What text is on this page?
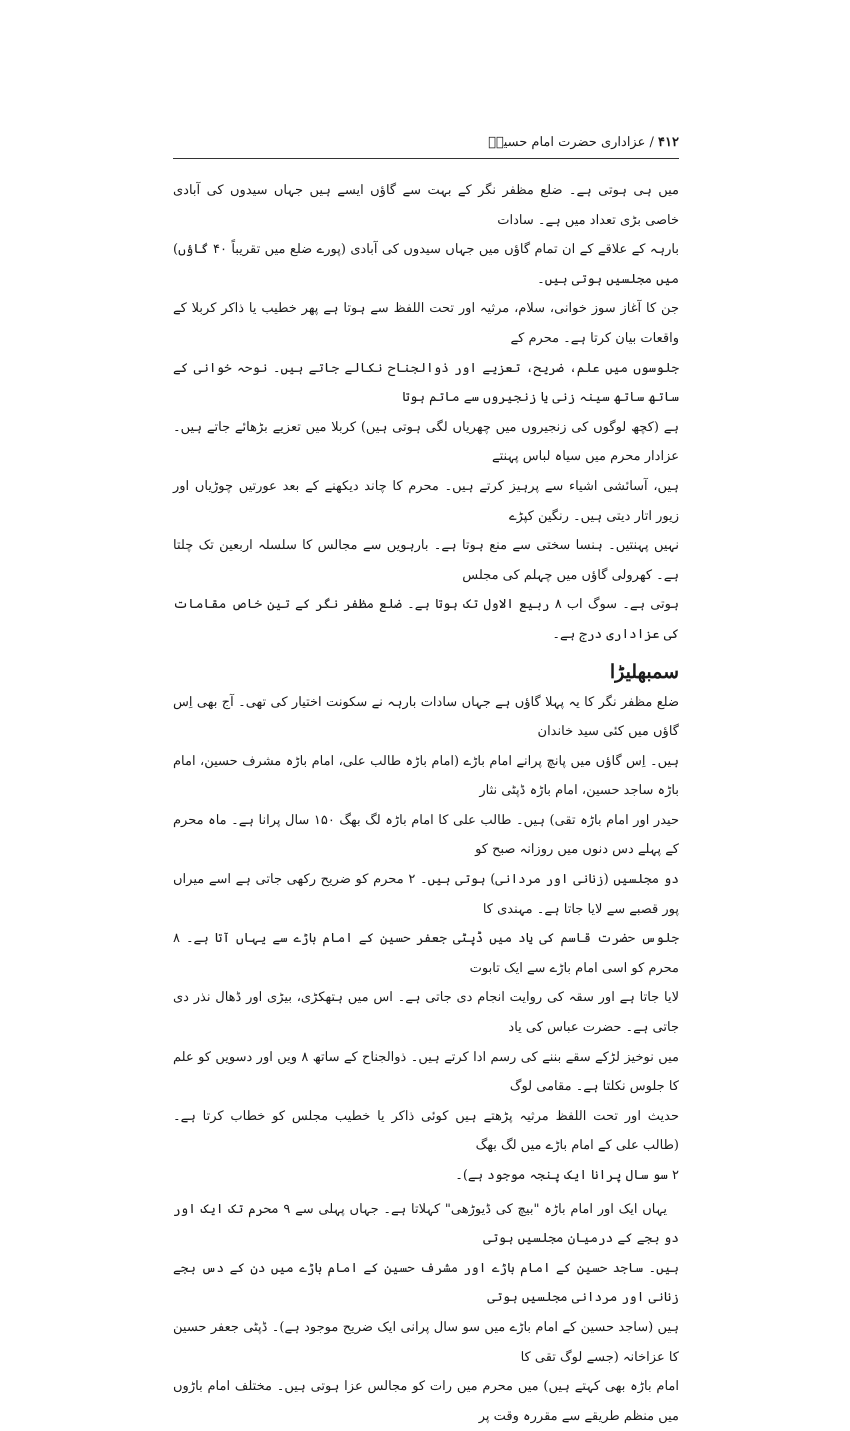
۴۱۲ / عزاداری حضرت امام حسینؑ

میں ہی ہوتی ہے۔ ضلع مظفر نگر کے بہت سے گاؤں ایسے ہیں جہاں سیدوں کی آبادی خاصی بڑی تعداد میں ہے۔ سادات

بارہہ کے علاقے کے ان تمام گاؤں میں جہاں سیدوں کی آبادی (پورے ضلع میں تقریباً ۴۰ گاؤں) میں مجلسیں ہوتی ہیں۔

جن کا آغاز سوز خوانی، سلام، مرثیہ اور تحت اللفظ سے ہوتا ہے پھر خطیب یا ذاکر کربلا کے واقعات بیان کرتا ہے۔ محرم کے

جلوسوں میں علم، ضریح، تعزیے اور ذوالجناح نکالے جاتے ہیں۔ نوحہ خوانی کے ساتھ ساتھ سینہ زنی یا زنجیروں سے ماتم ہوتا

ہے (کچھ لوگوں کی زنجیروں میں چھریاں لگی ہوتی ہیں) کربلا میں تعزیے بڑھائے جاتے ہیں۔ عزادار محرم میں سیاہ لباس پہنتے

ہیں، آسائشی اشیاء سے پرہیز کرتے ہیں۔ محرم کا چاند دیکھنے کے بعد عورتیں چوڑیاں اور زیور اتار دیتی ہیں۔ رنگین کپڑے

نہیں پہنتیں۔ ہنسا سختی سے منع ہوتا ہے۔ بارہویں سے مجالس کا سلسلہ اربعین تک چلتا ہے۔ کھرولی گاؤں میں چہلم کی مجلس

ہوتی ہے۔ سوگ اب ۸ ربیع الاول تک ہوتا ہے۔ ضلع مظفر نگر کے تین خاص مقامات کی عزاداری درج ہے۔

سمبھلیڑا

ضلع مظفر نگر کا یہ پہلا گاؤں ہے جہاں سادات بارہہ نے سکونت اختیار کی تھی۔ آج بھی اِس گاؤں میں کئی سید خاندان

ہیں۔ اِس گاؤں میں پانچ پرانے امام باڑے (امام باڑہ طالب علی، امام باڑہ مشرف حسین، امام باڑہ ساجد حسین، امام باڑہ ڈپٹی نثار

حیدر اور امام باڑہ تقی) ہیں۔ طالب علی کا امام باڑہ لگ بھگ ۱۵۰ سال پرانا ہے۔ ماہ محرم کے پہلے دس دنوں میں روزانہ صبح کو

دو مجلسیں (زنانی اور مردانی) ہوتی ہیں۔ ۲ محرم کو ضریح رکھی جاتی ہے اسے میراں پور قصبے سے لایا جاتا ہے۔ مہندی کا

جلوس حضرت قاسم کی یاد میں ڈپٹی جعفر حسین کے امام باڑے سے یہاں آتا ہے۔ ۸ محرم کو اسی امام باڑے سے ایک تابوت

لایا جاتا ہے اور سقہ کی روایت انجام دی جاتی ہے۔ اس میں ہتھکڑی، بیڑی اور ڈھال نذر دی جاتی ہے۔ حضرت عباس کی یاد

میں نوخیز لڑکے سقے بننے کی رسم ادا کرتے ہیں۔ ذوالجناح کے ساتھ ۸ ویں اور دسویں کو علم کا جلوس نکلتا ہے۔ مقامی لوگ

حدیث اور تحت اللفظ مرثیہ پڑھتے ہیں کوئی ذاکر یا خطیب مجلس کو خطاب کرتا ہے۔ (طالب علی کے امام باڑے میں لگ بھگ

۲ سو سال پرانا ایک پنجہ موجود ہے)۔

یہاں ایک اور امام باڑہ "بیچ کی ڈیوڑھی" کہلاتا ہے۔ جہاں پہلی سے ۹ محرم تک ایک اور دو بجے کے درمیان مجلسیں ہوتی

ہیں۔ ساجد حسین کے امام باڑے اور مشرف حسین کے امام باڑے میں دن کے دس بجے زنانی اور مردانی مجلسیں ہوتی

ہیں (ساجد حسین کے امام باڑے میں سو سال پرانی ایک ضریح موجود ہے)۔ ڈپٹی جعفر حسین کا عزاخانہ (جسے لوگ تقی کا

امام باڑہ بھی کہتے ہیں) میں محرم میں رات کو مجالس عزا ہوتی ہیں۔ مختلف امام باڑوں میں منظم طریقے سے مقررہ وقت پر
